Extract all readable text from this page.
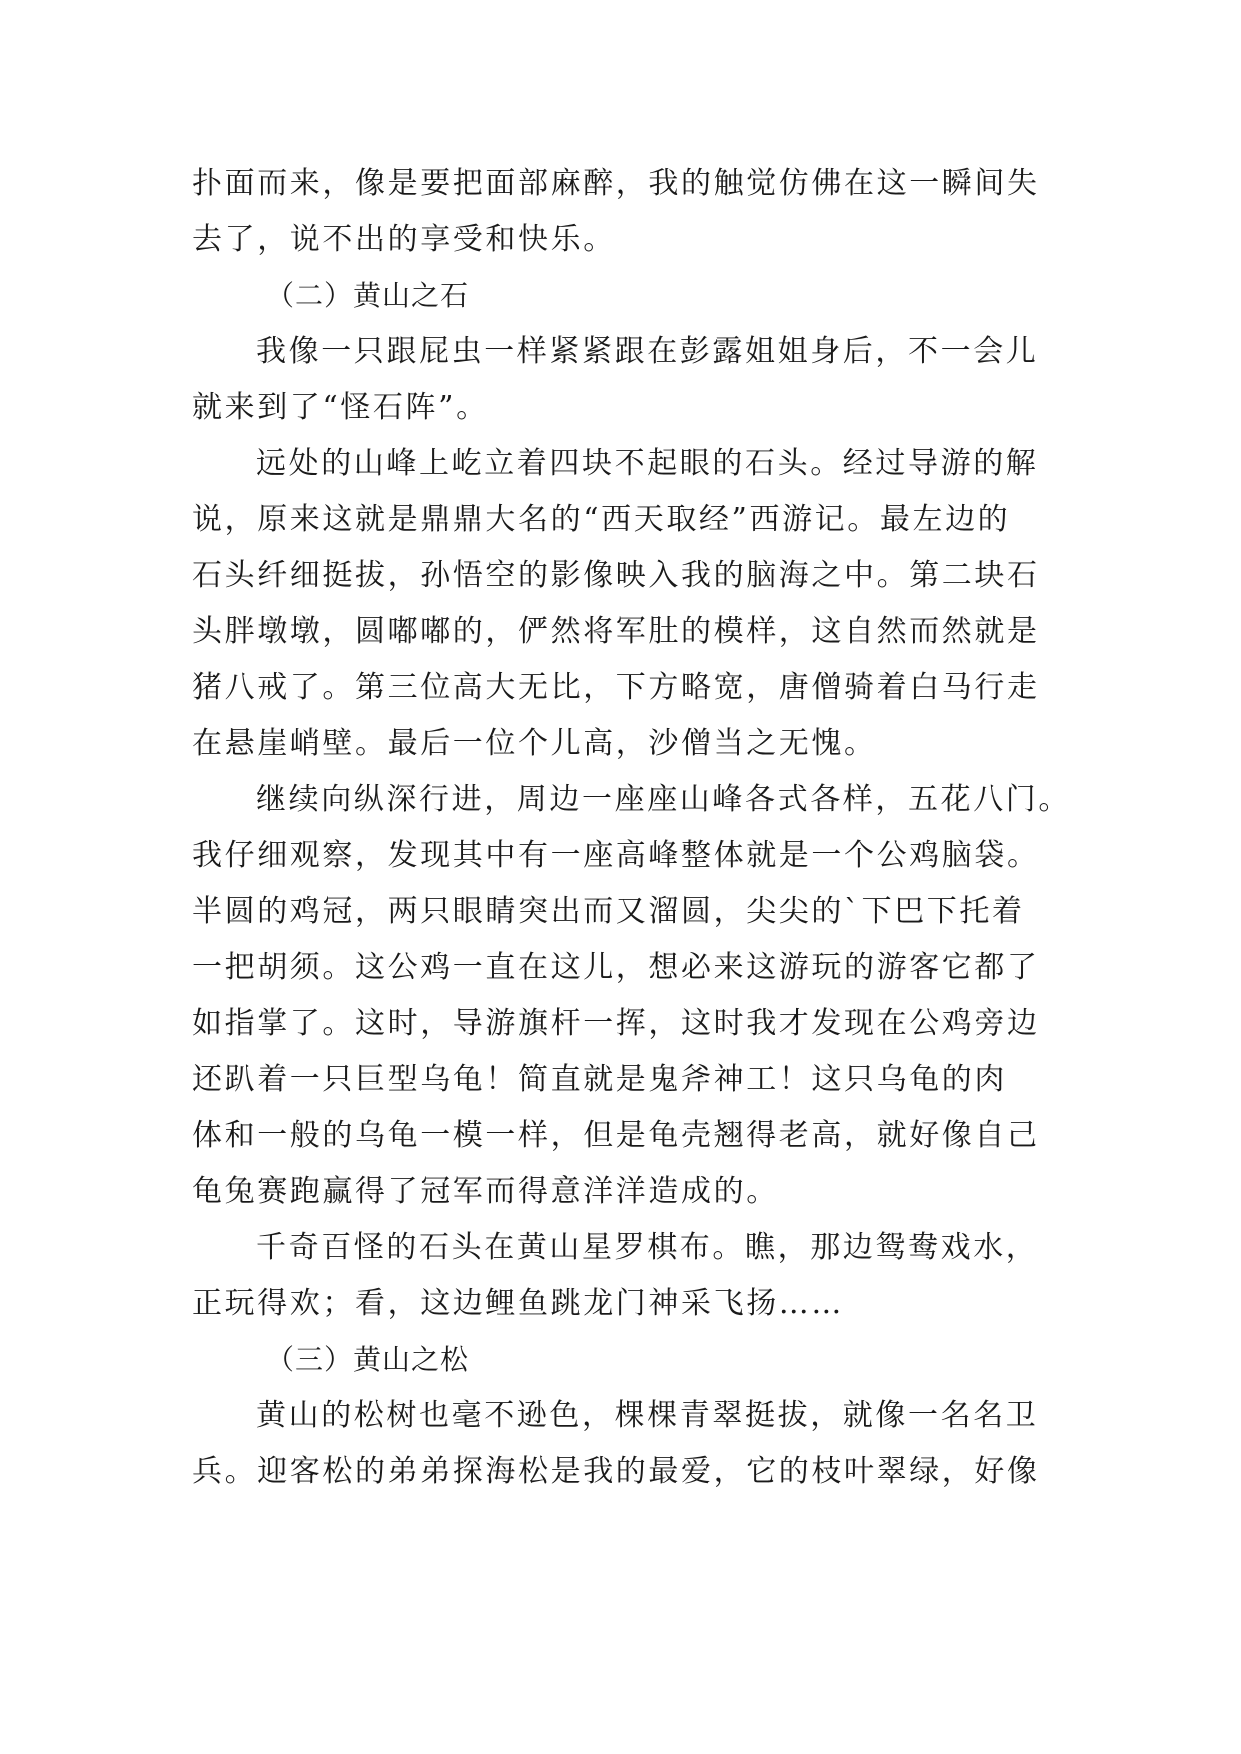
扑面而来，像是要把面部麻醉，我的触觉仿佛在这一瞬间失
去了，说不出的享受和快乐。
（二）黄山之石
我像一只跟屁虫一样紧紧跟在彭露姐姐身后，不一会儿
就来到了“怪石阵”。
远处的山峰上屹立着四块不起眼的石头。经过导游的解
说，原来这就是鼎鼎大名的“西天取经”西游记。最左边的
石头纤细挺拔，孙悟空的影像映入我的脑海之中。第二块石
头胖墩墩，圆嘟嘟的，俨然将军肚的模样，这自然而然就是
猪八戒了。第三位高大无比，下方略宽，唐僧骑着白马行走
在悬崖峭壁。最后一位个儿高，沙僧当之无愧。
继续向纵深行进，周边一座座山峰各式各样，五花八门。
我仔细观察，发现其中有一座高峰整体就是一个公鸡脑袋。
半圆的鸡冠，两只眼睛突出而又溜圆，尖尖的`下巴下托着
一把胡须。这公鸡一直在这儿，想必来这游玩的游客它都了
如指掌了。这时，导游旗杆一挥，这时我才发现在公鸡旁边
还趴着一只巨型乌龟！简直就是鬼斧神工！这只乌龟的肉
体和一般的乌龟一模一样，但是龟壳翘得老高，就好像自己
龟兔赛跑赢得了冠军而得意洋洋造成的。
千奇百怪的石头在黄山星罗棋布。瞧，那边鸳鸯戏水，
正玩得欢；看，这边鲤鱼跳龙门神采飞扬……
（三）黄山之松
黄山的松树也毫不逊色，棵棵青翠挺拔，就像一名名卫
兵。迎客松的弟弟探海松是我的最爱，它的枝叶翠绿，好像
